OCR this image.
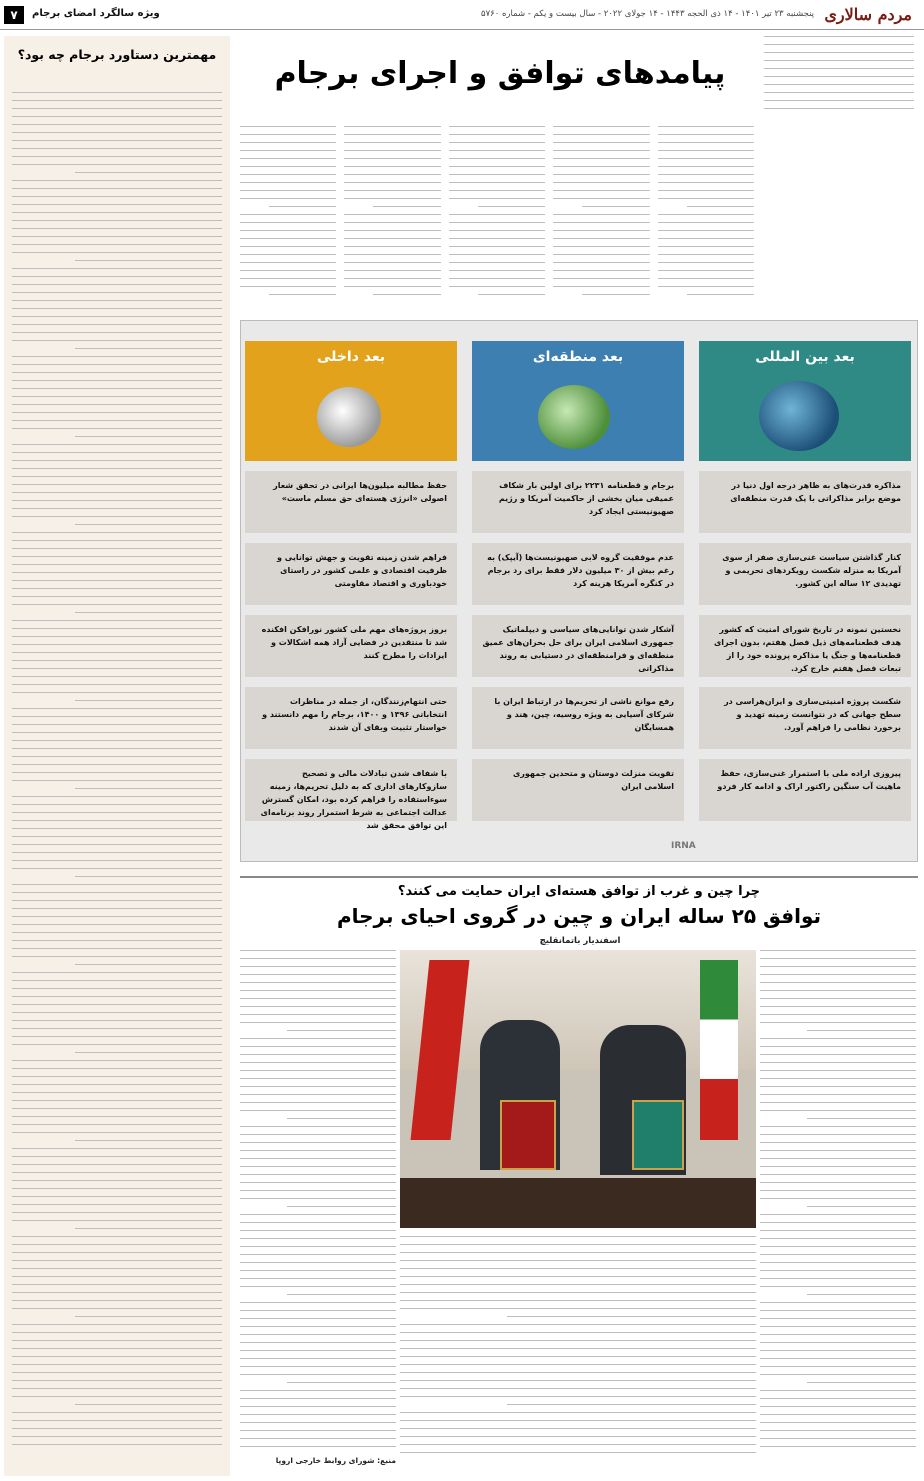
مردم سالاری
پنجشنبه ۲۳ تیر ۱۴۰۱ - ۱۴ ذی الحجه ۱۴۴۳ - ۱۴ جولای ۲۰۲۲ - سال بیست و یکم - شماره ۵۷۶۰
ویژه سالگرد امضای برجام
۷
پیامدهای توافق و اجرای برجام
بعد بین المللی
بعد منطقه‌ای
بعد داخلی
مذاکره قدرت‌های به ظاهر درجه اول دنیا در موضع برابر مذاکراتی با یک قدرت منطقه‌ای
کنار گذاشتن سیاست غنی‌سازی صفر از سوی آمریکا به منزله شکست رویکردهای تحریمی و تهدیدی ۱۲ ساله این کشور.
نخستین نمونه در تاریخ شورای امنیت که کشور هدف قطعنامه‌های ذیل فصل هفتم، بدون اجرای قطعنامه‌ها و جنگ یا مذاکره پرونده خود را از تبعات فصل هفتم خارج کرد.
شکست پروژه امنیتی‌سازی و ایران‌هراسی در سطح جهانی که در نتوانست زمینه تهدید و برخورد نظامی را فراهم آورد.
پیروزی اراده ملی با استمرار غنی‌سازی، حفظ ماهیت آب سنگین راکتور اراک و ادامه کار فردو
برجام و قطعنامه ۲۲۳۱ برای اولین بار شکاف عمیقی میان بخشی از حاکمیت آمریکا و رژیم صهیونیستی ایجاد کرد
عدم موفقیت گروه لابی صهیونیست‌ها (آیپک) به رغم بیش از ۳۰ میلیون دلار فقط برای رد برجام در کنگره آمریکا هزینه کرد
آشکار شدن توانایی‌های سیاسی و دیپلماتیک جمهوری اسلامی ایران برای حل بحران‌های عمیق منطقه‌ای و فرامنطقه‌ای در دستیابی به روند مذاکراتی
رفع موانع ناشی از تحریم‌ها در ارتباط ایران با شرکای آسیایی به ویژه روسیه، چین، هند و همسایگان
تقویت منزلت دوستان و متحدین جمهوری اسلامی ایران
حفظ مطالبه میلیون‌ها ایرانی در تحقق شعار اصولی «انرژی هسته‌ای حق مسلم ماست»
فراهم شدن زمینه تقویت و جهش توانایی و ظرفیت اقتصادی و علمی کشور در راستای خودباوری و اقتصاد مقاومتی
بروز پروژه‌های مهم ملی کشور نورافکن افکنده شد تا منتقدین در فضایی آزاد همه اشکالات و ایرادات را مطرح کنند
حتی انتهام‌زنندگان، از جمله در مناظرات انتخاباتی ۱۳۹۶ و ۱۴۰۰، برجام را مهم دانستند و خواستار تثبیت وبقای آن شدند
با شفاف شدن تبادلات مالی و تصحیح سازوکارهای اداری که به دلیل تحریم‌ها، زمینه سوءاستفاده را فراهم کرده بود، امکان گسترش عدالت اجتماعی به شرط استمرار روند برنامه‌ای این توافق محقق شد
IRNA
چرا چین و غرب از توافق هسته‌ای ایران حمایت می کنند؟
توافق ۲۵ ساله ایران و چین در گروی احیای برجام
اسفندیار باتمانقلیچ
منبع: شورای روابط خارجی اروپا
مهمترین دستاورد برجام چه بود؟
